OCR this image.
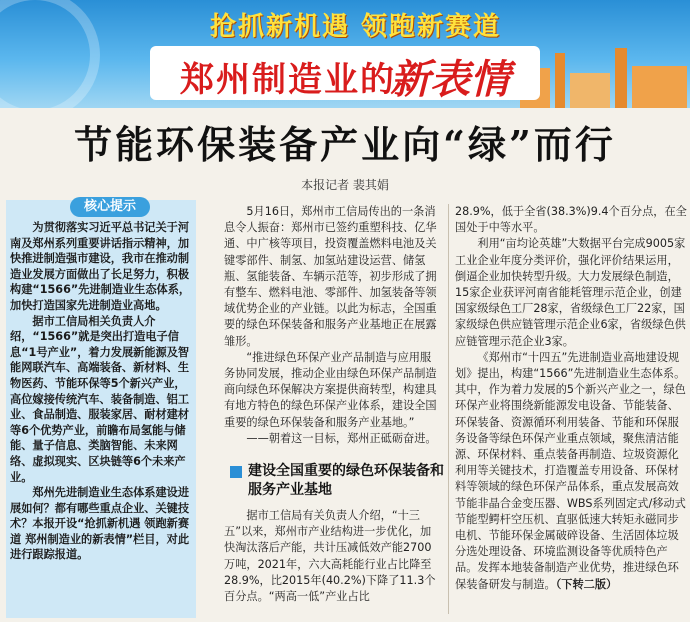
抢抓新机遇 领跑新赛道
郑州制造业的
新表情
节能环保装备产业向“绿”而行
本报记者 裴其娟
核心提示

为贯彻落实习近平总书记关于河南及郑州系列重要讲话指示精神，加快推进制造强市建设，我市在推动制造业发展方面做出了长足努力，积极构建“1566”先进制造业生态体系，加快打造国家先进制造业高地。

据市工信局相关负责人介绍，“1566”就是突出打造电子信息“1号产业”，着力发展新能源及智能网联汽车、高端装备、新材料、生物医药、节能环保等5个新兴产业，高位嫁接传统汽车、装备制造、铝工业、食品制造、服装家居、耐材建材等6个优势产业，前瞻布局氢能与储能、量子信息、类脑智能、未来网络、虚拟现实、区块链等6个未来产业。

郑州先进制造业生态体系建设进展如何？都有哪些重点企业、关键技术？本报开设“抢抓新机遇 领跑新赛道 郑州制造业的新表情”栏目，对此进行跟踪报道。

5月16日，郑州市工信局传出的一条消息令人振奋：郑州市已签约重塑科技、亿华通、中广核等项目，投资覆盖燃料电池及关键零部件、制氢、加氢站建设运营、储氢瓶、氢能装备、车辆示范等，初步形成了拥有整车、燃料电池、零部件、加氢装备等领域优势企业的产业链。以此为标志，全国重要的绿色环保装备和服务产业基地正在展露雏形。

“推进绿色环保产业产品制造与应用服务协同发展，推动企业由绿色环保产品制造商向绿色环保解决方案提供商转型，构建具有地方特色的绿色环保产业体系，建设全国重要的绿色环保装备和服务产业基地。”

——朝着这一目标，郑州正砥砺奋进。

建设全国重要的绿色环保装备和服务产业基地

据市工信局有关负责人介绍，“十三五”以来，郑州市产业结构进一步优化，加快淘汰落后产能，共计压减低效产能2700万吨，2021年，六大高耗能行业占比降至28.9%，比2015年(40.2%)下降了11.3个百分点。“两高一低”产业占比

28.9%，低于全省(38.3%)9.4个百分点，在全国处于中等水平。

利用“亩均论英雄”大数据平台完成9005家工业企业年度分类评价，强化评价结果运用，倒逼企业加快转型升级。大力发展绿色制造，15家企业获评河南省能耗管理示范企业，创建国家级绿色工厂28家，省级绿色工厂22家，国家级绿色供应链管理示范企业6家，省级绿色供应链管理示范企业3家。

《郑州市“十四五”先进制造业高地建设规划》提出，构建“1566”先进制造业生态体系。其中，作为着力发展的5个新兴产业之一，绿色环保产业将围绕新能源发电设备、节能装备、环保装备、资源循环利用装备、节能和环保服务设备等绿色环保产业重点领域，聚焦清洁能源、环保材料、重点装备再制造、垃圾资源化利用等关键技术，打造覆盖专用设备、环保材料等领域的绿色环保产品体系，重点发展高效节能非晶合金变压器、WBS系列固定式/移动式节能型鳄杆空压机、直驱低速大转矩永磁同步电机、节能环保金属破碎设备、生活固体垃圾分选处理设备、环境监测设备等优质特色产品。发挥本地装备制造产业优势，推进绿色环保装备研发与制造。（下转二版）
